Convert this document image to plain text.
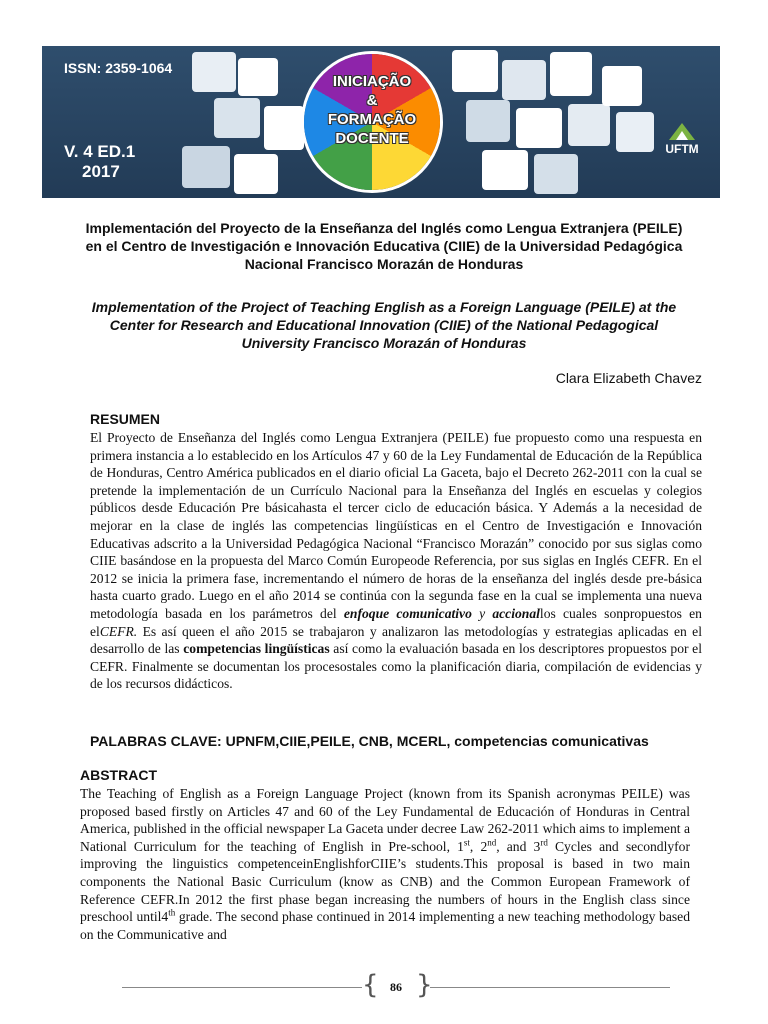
ISSN: 2359-1064
V. 4 ED.1
2017
INICIAÇÃO
&
FORMAÇÃO
DOCENTE
UFTM
Implementación del Proyecto de la Enseñanza del Inglés como Lengua Extranjera (PEILE) en el Centro de Investigación e Innovación Educativa (CIIE) de la Universidad Pedagógica Nacional Francisco Morazán de Honduras
Implementation of the Project of Teaching English as a Foreign Language (PEILE) at the Center for Research and Educational Innovation (CIIE) of the National Pedagogical University Francisco Morazán of Honduras
Clara Elizabeth Chavez
RESUMEN
El Proyecto de Enseñanza del Inglés como Lengua Extranjera (PEILE) fue propuesto como una respuesta en primera instancia a lo establecido en los Artículos 47 y 60 de la Ley Fundamental de Educación de la República de Honduras, Centro América publicados en el diario oficial La Gaceta, bajo el Decreto 262-2011 con la cual se pretende la implementación de un Currículo Nacional para la Enseñanza del Inglés en escuelas y colegios públicos desde Educación Pre básicahasta el tercer ciclo de educación básica. Y Además a la necesidad de mejorar en la clase de inglés las competencias lingüísticas en el Centro de Investigación e Innovación Educativas adscrito a la Universidad Pedagógica Nacional “Francisco Morazán” conocido por sus siglas como CIIE basándose en la propuesta del Marco Común Europeode Referencia, por sus siglas en Inglés CEFR. En el 2012 se inicia la primera fase, incrementando el número de horas de la enseñanza del inglés desde pre-básica hasta cuarto grado. Luego en el año 2014 se continúa con la segunda fase en la cual se implementa una nueva metodología basada en los parámetros del enfoque comunicativo y accionallos cuales sonpropuestos en elCEFR. Es así queen el año 2015 se trabajaron y analizaron las metodologías y estrategias aplicadas en el desarrollo de las competencias lingüísticas así como la evaluación basada en los descriptores propuestos por el CEFR. Finalmente se documentan los procesostales como la planificación diaria, compilación de evidencias y de los recursos didácticos.
PALABRAS CLAVE: UPNFM,CIIE,PEILE, CNB, MCERL, competencias comunicativas
ABSTRACT
The Teaching of English as a Foreign Language Project (known from its Spanish acronymas PEILE) was proposed based firstly on Articles 47 and 60 of the Ley Fundamental de Educación of Honduras in Central America, published in the official newspaper La Gaceta under decree Law 262-2011 which aims to implement a National Curriculum for the teaching of English in Pre-school, 1st, 2nd, and 3rd Cycles and secondlyfor improving the linguistics competenceinEnglishforCIIE’s students.This proposal is based in two main components the National Basic Curriculum (know as CNB) and the Common European Framework of Reference CEFR.In 2012 the first phase began increasing the numbers of hours in the English class since preschool until4th grade. The second phase continued in 2014 implementing a new teaching methodology based on the Communicative and
{ }
86
